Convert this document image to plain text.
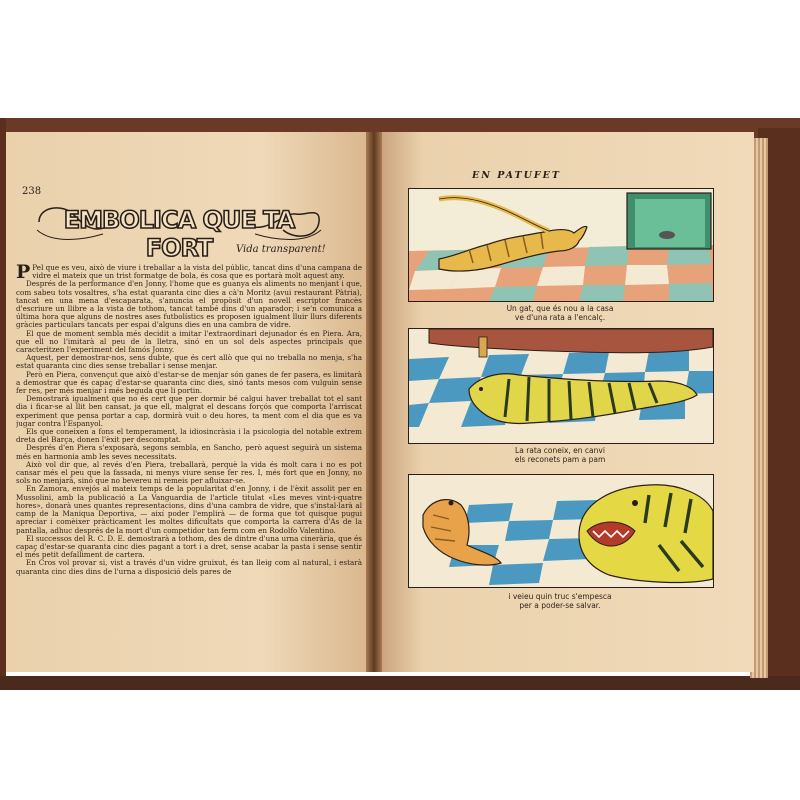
238
EMBOLICA QUE TA FORT	Vida transparent!

P Pel que es veu, això de viure i treballar a la vista del públic, tancat dins d'una campana de vidre el mateix que un trist formatge de bola, és cosa que es portarà molt aquest any.

Després de la performance d'en Jonny, l'home que es guanya els aliments no menjant i que, com sabeu tots vosaltres, s'ha estat quaranta cinc dies a cà'n Moritz (avui restaurant Pàtria), tancat en una mena d'escaparata, s'anuncia el propòsit d'un novell escriptor francès d'escriure un llibre a la vista de tothom, tancat també dins d'un aparador; i se'n comunica a última hora que alguns de nostres ases futbolístics es proposen igualment lluir llurs diferents gràcies particulars tancats per espai d'alguns dies en una cambra de vidre.

El que de moment sembla més decidit a imitar l'extraordinari dejunador és en Piera. Ara, que ell no l'imitarà al peu de la lletra, sinó en un sol dels aspectes principals que caracteritzen l'experiment del famós Jonny.

Aquest, per demostrar-nos, sens dubte, que és cert allò que qui no treballa no menja, s'ha estat quaranta cinc dies sense treballar i sense menjar.

Però en Piera, convençut que això d'estar-se de menjar són ganes de fer pasera, es limitarà a demostrar que és capaç d'estar-se quaranta cinc dies, sinó tants mesos com vulguin sense fer res, per més menjar i més beguda que li portin.

Demostrarà igualment que no és cert que per dormir bé calgui haver treballat tot el sant dia i ficar-se al llit ben cansat, ja que ell, malgrat el descans forçós que comporta l'arriscat experiment que pensa portar a cap, dormirà vuit o deu hores, ta ment com el dia que es va jugar contra l'Espanyol.

Els que coneixen a fons el temperament, la idiosincràsia i la psicologia del notable extrem dreta del Barça, donen l'èxit per descomptat.

Després d'en Piera s'exposarà, segons sembla, en Sancho, però aquest seguirà un sistema més en harmonia amb les seves necessitats.

Això vol dir que, al revés d'en Piera, treballarà, perquè la vida és molt cara i no es pot cansar més el peu que la fassada, ni menys viure sense fer res. I, més fort que en Jonny, no sols no menjarà, sinó que no bevereu ni remeis per afluixar-se.

En Zamora, envejós al mateix temps de la popularitat d'en Jonny, i de l'èxit assolit per en Mussolini, amb la publicació a La Vanguardia de l'article titulat «Les meves vint-i-quatre hores», donarà unes quantes representacions, dins d'una cambra de vidre, que s'instal·larà al camp de la Maniqua Deportiva, — així poder l'emplirà — de forma que tot quisque pugui apreciar i comèixer pràcticament les moltes dificultats que comporta la carrera d'As de la pantalla, adhuc després de la mort d'un competidor tan ferm com en Rodolfo Valentino.

El successos del R. C. D. E. demostrarà a tothom, des de dintre d'una urna cinerària, que és capaç d'estar-se quaranta cinc dies pagant a tort i a dret, sense acabar la pasta i sense sentir el més petit defalliment de cartera.

En Cros vol provar si, vist a través d'un vidre gruixut, és tan lleig com al natural, i estarà quaranta cinc dies dins de l'urna a disposició dels pares de

EN PATUFET
Un gat, que és nou a la casa
ve d'una rata a l'encalç.
La rata coneix, en canvi
els reconets pam a pam
i veieu quin truc s'empesca
per a poder-se salvar.
